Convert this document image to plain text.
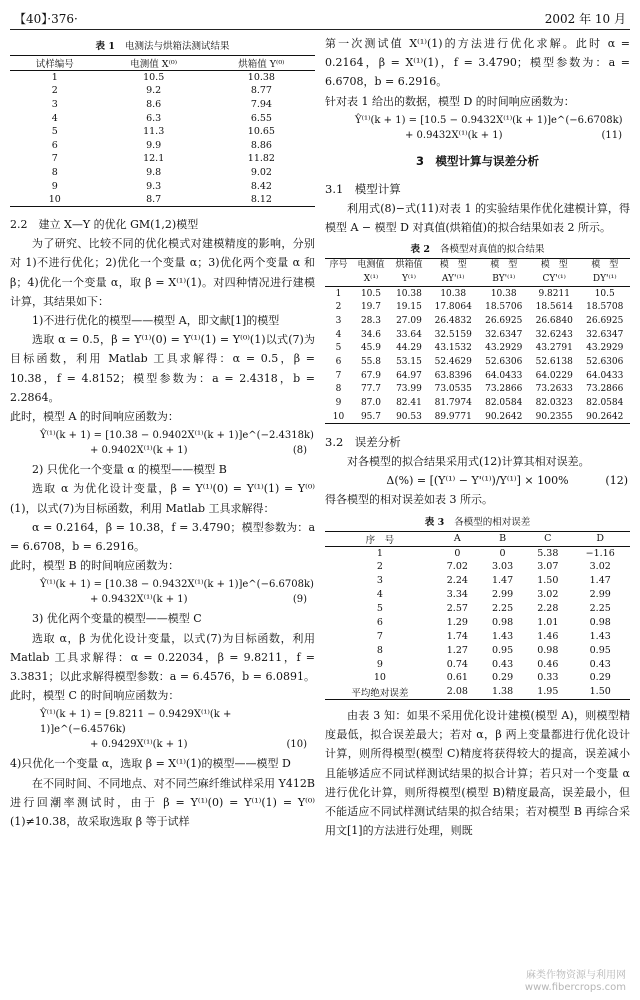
【40】·376·	2002 年 10 月
表 1 电测法与烘箱法测试结果
试样编号	电测值 X⁽⁰⁾	烘箱值 Y⁽⁰⁾
1	10.5	10.38
2	9.2	8.77
3	8.6	7.94
4	6.3	6.55
5	11.3	10.65
6	9.9	8.86
7	12.1	11.82
8	9.8	9.02
9	9.3	8.42
10	8.7	8.12
2.2　建立 X—Y 的优化 GM(1,2)模型
为了研究、比较不同的优化模式对建模精度的影响，分别对 1)不进行优化；2)优化一个变量 α；3)优化两个变量 α 和 β；4)优化一个变量 α，取 β = X⁽¹⁾(1)。对四种情况进行建模计算，其结果如下：
1)不进行优化的模型——模型 A，即文献[1]的模型
选取 α = 0.5，β = Y⁽¹⁾(0) = Y⁽¹⁾(1) = Y⁽⁰⁾(1)以式(7)为目标函数，利用 Matlab 工具求解得：α = 0.5，β = 10.38，f = 4.8152；模型参数为：a = 2.4318，b = 2.2864。
此时，模型 A 的时间响应函数为：
Ŷ⁽¹⁾(k + 1) = [10.38 − 0.9402X⁽¹⁾(k + 1)]e^(−2.4318k)
+ 0.9402X⁽¹⁾(k + 1)	(8)
2) 只优化一个变量 α 的模型——模型 B
选取 α 为优化设计变量，β = Y⁽¹⁾(0) = Y⁽¹⁾(1) = Y⁽⁰⁾(1)，以式(7)为目标函数，利用 Matlab 工具求解得：
α = 0.2164，β = 10.38，f = 3.4790；模型参数为：a = 6.6708，b = 6.2916。
此时，模型 B 的时间响应函数为：
Ŷ⁽¹⁾(k + 1) = [10.38 − 0.9432X⁽¹⁾(k + 1)]e^(−6.6708k)
+ 0.9432X⁽¹⁾(k + 1)	(9)
3) 优化两个变量的模型——模型 C
选取 α，β 为优化设计变量，以式(7)为目标函数，利用 Matlab 工具求解得：α = 0.22034，β = 9.8211，f = 3.3831；以此求解得模型参数：a = 6.4576，b = 6.0891。此时，模型 C 的时间响应函数为：
Ŷ⁽¹⁾(k + 1) = [9.8211 − 0.9429X⁽¹⁾(k + 1)]e^(−6.4576k)
+ 0.9429X⁽¹⁾(k + 1)	(10)
4)只优化一个变量 α，选取 β = X⁽¹⁾(1)的模型——模型 D
在不同时间、不同地点、对不同苎麻纤维试样采用 Y412B 进行回潮率测试时，由于 β = Y⁽¹⁾(0) = Y⁽¹⁾(1) = Y⁽⁰⁾(1)≠10.38，故采取选取 β 等于试样
第一次测试值 X⁽¹⁾(1)的方法进行优化求解。此时 α = 0.2164，β = X⁽¹⁾(1)，f = 3.4790；模型参数为：a = 6.6708，b = 6.2916。
针对表 1 给出的数据，模型 D 的时间响应函数为：
Ŷ⁽¹⁾(k + 1) = [10.5 − 0.9432X⁽¹⁾(k + 1)]e^(−6.6708k)
+ 0.9432X⁽¹⁾(k + 1)	(11)
3　模型计算与误差分析
3.1　模型计算
利用式(8)−式(11)对表 1 的实验结果作优化建模计算，得模型 A − 模型 D 对真值(烘箱值)的拟合结果如表 2 所示。
表 2 各模型对真值的拟合结果
序号	电测值	烘箱值	模　型	模　型	模　型	模　型
	X⁽¹⁾	Y⁽¹⁾	AY'⁽¹⁾	BY'⁽¹⁾	CY'⁽¹⁾	DY'⁽¹⁾
1	10.5	10.38	10.38	10.38	9.8211	10.5
2	19.7	19.15	17.8064	18.5706	18.5614	18.5708
3	28.3	27.09	26.4832	26.6925	26.6840	26.6925
4	34.6	33.64	32.5159	32.6347	32.6243	32.6347
5	45.9	44.29	43.1532	43.2929	43.2791	43.2929
6	55.8	53.15	52.4629	52.6306	52.6138	52.6306
7	67.9	64.97	63.8396	64.0433	64.0229	64.0433
8	77.7	73.99	73.0535	73.2866	73.2633	73.2866
9	87.0	82.41	81.7974	82.0584	82.0323	82.0584
10	95.7	90.53	89.9771	90.2642	90.2355	90.2642
3.2　误差分析
对各模型的拟合结果采用式(12)计算其相对误差。
Δ(%) = [(Y⁽¹⁾ − Y'⁽¹⁾)/Y⁽¹⁾] × 100%	(12)
得各模型的相对误差如表 3 所示。
表 3 各模型的相对误差
序　号	A	B	C	D
1	0	0	5.38	−1.16
2	7.02	3.03	3.07	3.02
3	2.24	1.47	1.50	1.47
4	3.34	2.99	3.02	2.99
5	2.57	2.25	2.28	2.25
6	1.29	0.98	1.01	0.98
7	1.74	1.43	1.46	1.43
8	1.27	0.95	0.98	0.95
9	0.74	0.43	0.46	0.43
10	0.61	0.29	0.33	0.29
平均绝对误差	2.08	1.38	1.95	1.50
由表 3 知：如果不采用优化设计建模(模型 A)，则模型精度最低，拟合误差最大；若对 α，β 两上变量都进行优化设计计算，则所得模型(模型 C)精度将获得较大的提高，误差减小且能够适应不同试样测试结果的拟合计算；若只对一个变量 α 进行优化计算，则所得模型(模型 B)精度最高，误差最小，但不能适应不同试样测试结果的拟合结果；若对模型 B 再综合采用文[1]的方法进行处理，则既
麻类作物资源与利用网
www.fibercrops.com
